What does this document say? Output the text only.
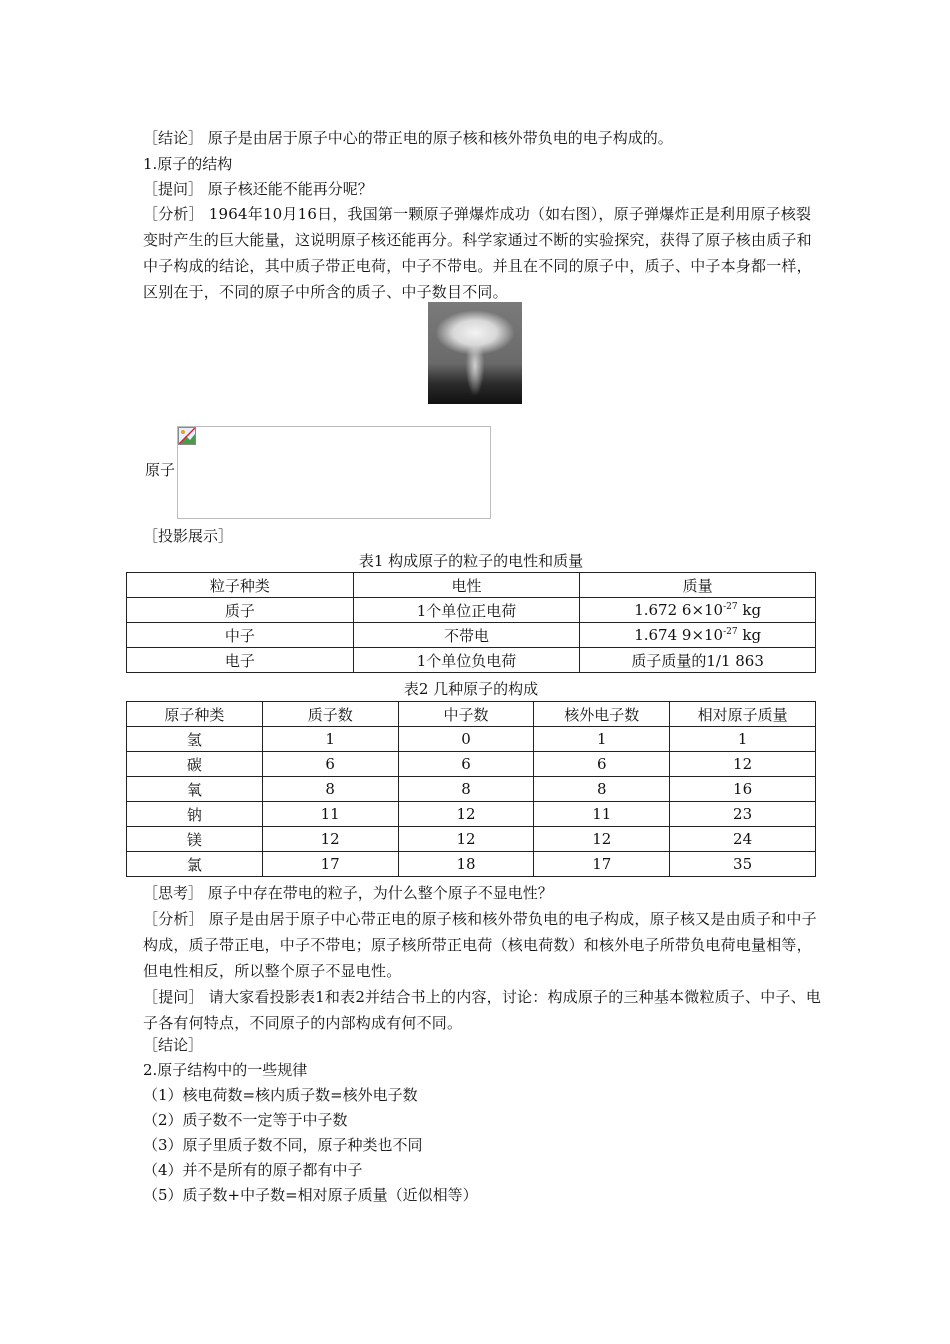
［结论］ 原子是由居于原子中心的带正电的原子核和核外带负电的电子构成的。
1.原子的结构
［提问］ 原子核还能不能再分呢？
［分析］ 1964年10月16日，我国第一颗原子弹爆炸成功（如右图），原子弹爆炸正是利用原子核裂变时产生的巨大能量，这说明原子核还能再分。科学家通过不断的实验探究，获得了原子核由质子和中子构成的结论，其中质子带正电荷，中子不带电。并且在不同的原子中，质子、中子本身都一样，区别在于，不同的原子中所含的质子、中子数目不同。
原子
［投影展示］
表1 构成原子的粒子的电性和质量
粒子种类	电性	质量
质子	1个单位正电荷	1.672 $6\times 10^{-27}$ kg
中子	不带电	1.674 $9\times 10^{-27}$ kg
电子	1个单位负电荷	质子质量的1/1 863
表2 几种原子的构成
原子种类	质子数	中子数	核外电子数	相对原子质量
氢	1	0	1	1
碳	6	6	6	12
氧	8	8	8	16
钠	11	12	11	23
镁	12	12	12	24
氯	17	18	17	35
［思考］ 原子中存在带电的粒子，为什么整个原子不显电性？
［分析］ 原子是由居于原子中心带正电的原子核和核外带负电的电子构成，原子核又是由质子和中子构成，质子带正电，中子不带电；原子核所带正电荷（核电荷数）和核外电子所带负电荷电量相等，但电性相反，所以整个原子不显电性。
［提问］ 请大家看投影表1和表2并结合书上的内容，讨论：构成原子的三种基本微粒质子、中子、电子各有何特点，不同原子的内部构成有何不同。
［结论］
2.原子结构中的一些规律
（1）核电荷数=核内质子数=核外电子数
（2）质子数不一定等于中子数
（3）原子里质子数不同，原子种类也不同
（4）并不是所有的原子都有中子
（5）质子数+中子数=相对原子质量（近似相等）
